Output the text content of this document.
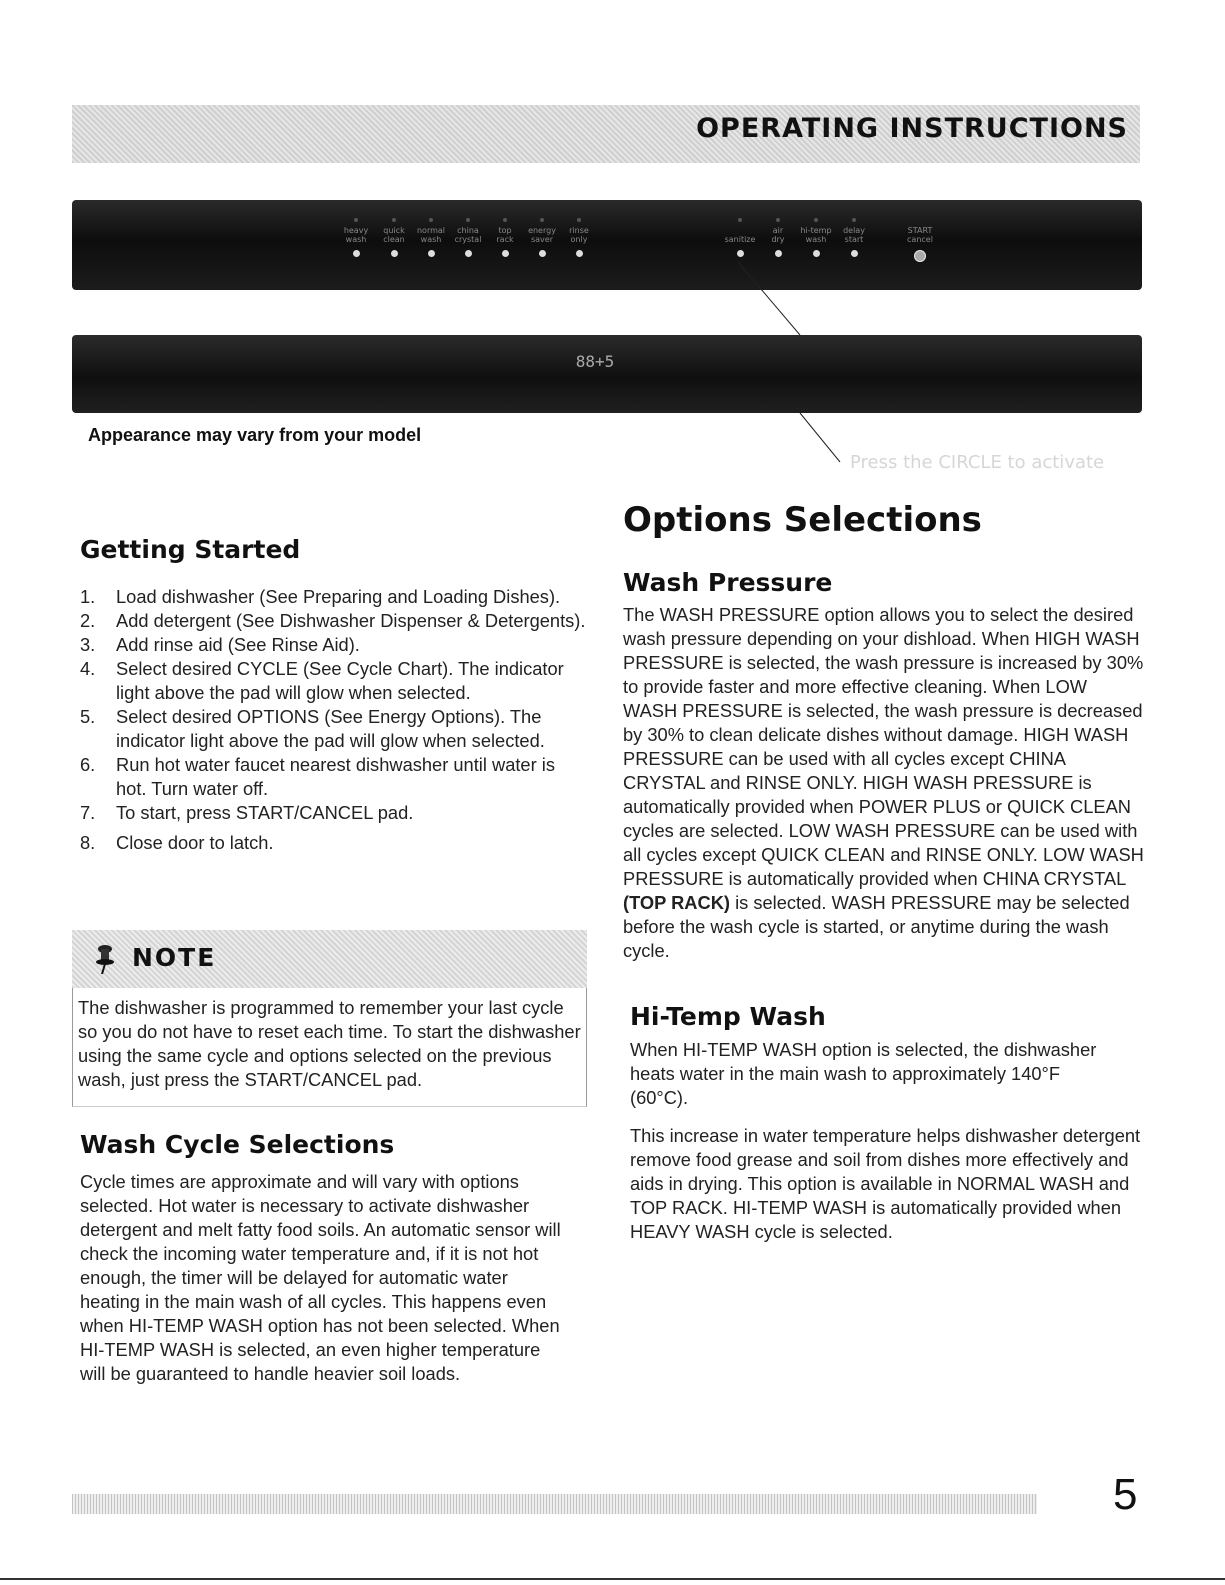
OPERATING INSTRUCTIONS
heavy
wash
quick
clean
normal
wash
china
crystal
top
rack
energy
saver
rinse
only	sanitize
air
dry
hi-temp
wash
delay
start
START
cancel
88+5
Appearance may vary from your model
Press the CIRCLE to activate
Getting Started
1. Load dishwasher (See Preparing and Loading Dishes).
2. Add detergent (See Dishwasher Dispenser & Detergents).
3. Add rinse aid (See Rinse Aid).
4. Select desired CYCLE (See Cycle Chart). The indicator light above the pad will glow when selected.
5. Select desired OPTIONS (See Energy Options). The indicator light above the pad will glow when selected.
6. Run hot water faucet nearest dishwasher until water is hot. Turn water off.
7. To start, press START/CANCEL pad.
8. Close door to latch.
NOTE

The dishwasher is programmed to remember your last cycle so you do not have to reset each time. To start the dishwasher using the same cycle and options selected on the previous wash, just press the START/CANCEL pad.

Wash Cycle Selections

Cycle times are approximate and will vary with options selected. Hot water is necessary to activate dishwasher detergent and melt fatty food soils. An automatic sensor will check the incoming water temperature and, if it is not hot enough, the timer will be delayed for automatic water heating in the main wash of all cycles. This happens even when HI-TEMP WASH option has not been selected. When HI-TEMP WASH is selected, an even higher temperature will be guaranteed to handle heavier soil loads.

Options Selections
Wash Pressure

The WASH PRESSURE option allows you to select the desired wash pressure depending on your dishload. When HIGH WASH PRESSURE is selected, the wash pressure is increased by 30% to provide faster and more effective cleaning. When LOW WASH PRESSURE is selected, the wash pressure is decreased by 30% to clean delicate dishes without damage. HIGH WASH PRESSURE can be used with all cycles except CHINA CRYSTAL and RINSE ONLY. HIGH WASH PRESSURE is automatically provided when POWER PLUS or QUICK CLEAN cycles are selected. LOW WASH PRESSURE can be used with all cycles except QUICK CLEAN and RINSE ONLY. LOW WASH PRESSURE is automatically provided when CHINA CRYSTAL (TOP RACK) is selected. WASH PRESSURE may be selected before the wash cycle is started, or anytime during the wash cycle.

Hi-Temp Wash

When HI-TEMP WASH option is selected, the dishwasher heats water in the main wash to approximately 140°F (60°C).

This increase in water temperature helps dishwasher detergent remove food grease and soil from dishes more effectively and aids in drying. This option is available in NORMAL WASH and TOP RACK. HI-TEMP WASH is automatically provided when HEAVY WASH cycle is selected.

5
